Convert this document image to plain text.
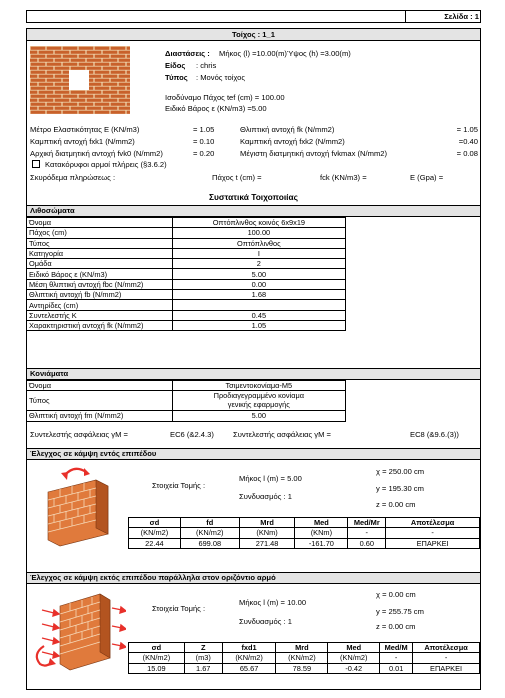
Σελίδα : 1
Τοίχος : 1_1
Διαστάσεις : Μήκος (l) =10.00(m)Ύψος (h) =3.00(m)
Είδος : chris
Τύπος : Μονός τοίχος
Ισοδύναμο Πάχος tef (cm) = 100.00
Ειδικό Βάρος ε (KN/m3) =5.00
Μέτρο Ελαστικότητας E (KN/m3)	= 1.05
Καμπτική αντοχή fxk1 (N/mm2)	= 0.10
Αρχική διατμητική αντοχή fvk0 (N/mm2)	= 0.20
Θλιπτική αντοχή fk (N/mm2)	= 1.05
Καμπτική αντοχή fxk2 (N/mm2)	=0.40
Μέγιστη διατμητική αντοχή fvkmax (N/mm2)	= 0.08
Κατακόρυφοι αρμοί πλήρεις (§3.6.2)
Σκυρόδεμα πληρώσεως :	Πάχος t (cm) =	fck (KN/m3) =	E (Gpa) =
Συστατικά Τοιχοποιίας
Λιθοσώματα
Όνομα	Οπτόπλινθος κοινός 6x9x19
Πάχος (cm)	100.00
Τύπος	Οπτόπλινθος
Κατηγορία	I
Ομάδα	2
Ειδικό Βάρος ε (KN/m3)	5.00
Μέση θλιπτική αντοχή fbc (N/mm2)	0.00
Θλιπτική αντοχή fb (N/mm2)	1.68
Αντηρίδες (cm)	
Συντελεστής K	0.45
Χαρακτηριστική αντοχή fk (N/mm2)	1.05
Κονιάματα
Όνομα	Τσιμεντοκονίαμα-M5
Τύπος	Προδιαγεγραμμένο κονίαμα
γενικής εφαρμογής
Θλιπτική αντοχή fm (N/mm2)	5.00
Συντελεστής ασφάλειας γM =	EC6 (&2.4.3)	Συντελεστής ασφάλειας γM =	EC8 (&9.6.(3))
Έλεγχος σε κάμψη εντός επιπέδου
Στοιχεία Τομής :
Μήκος l (m) = 5.00
Συνδυασμός : 1
χ = 250.00 cm
y = 195.30 cm
z = 0.00 cm
σd	fd	Mrd	Med	Med/Mr	Αποτέλεσμα
(KN/m2)	(KN/m2)	(KNm)	(KNm)	-	-
22.44	699.08	271.48	-161.70	0.60	ΕΠΑΡΚΕΙ
Έλεγχος σε κάμψη εκτός επιπέδου παράλληλα στον οριζόντιο αρμό
Στοιχεία Τομής :
Μήκος l (m) = 10.00
Συνδυασμός : 1
χ = 0.00 cm
y = 255.75 cm
z = 0.00 cm
σd	Z	fxd1	Mrd	Med	Med/M	Αποτέλεσμα
(KN/m2)	(m3)	(KN/m2)	(KN/m2)	(KN/m2)	-	-
15.09	1.67	65.67	78.59	-0.42	0.01	ΕΠΑΡΚΕΙ
